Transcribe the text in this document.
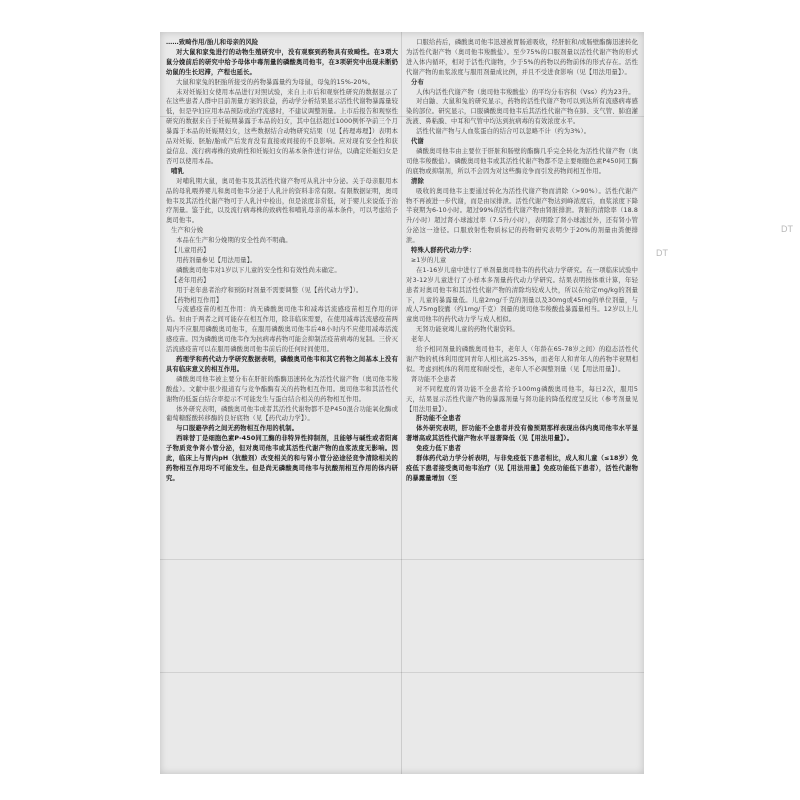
DT
DT

……致畸作用/胎儿和母亲的风险

对大鼠和家兔进行的动物生殖研究中，没有观察到药物具有致畸性。在3项大鼠分娩前后的研究中给予母体中毒剂量的磷酸奥司他韦，在3项研究中出现未断奶幼鼠的生长迟滞，产程也延长。

大鼠和家兔的胚胎所接受的药物暴露量约为母鼠，母兔的15%-20%。

未对妊娠妇女使用本品进行对照试验，来自上市后和观察性研究的数据显示了在这些患者人群中目前剂量方案的获益，药动学分析结果显示活性代谢物暴露量较低，但是孕妇应用本品预防或治疗流感时，不建议调整剂量。上市后报告和观察性研究的数据来自于妊娠期暴露于本品的妇女，其中包括超过1000例怀孕前三个月暴露于本品的妊娠期妇女，这些数据结合动物研究结果（见【药理毒理】）表明本品对妊娠、胚胎/胎成产后发育没有直接或间接的不良影响。应对现有安全性和获益信息、流行病毒株的致病性和妊娠妇女的基本条件进行评估，以确定妊娠妇女是否可以使用本品。

哺乳

对哺乳期大鼠，奥司他韦及其活性代谢产物可从乳汁中分泌。关于母亲服用本品的母乳喂养婴儿和奥司他韦分泌于人乳汁的资料非常有限。有限数据证明，奥司他韦及其活性代谢产物可于人乳汁中检出，但是浓度非常低，对于婴儿来说低于治疗剂量。鉴于此，以及流行病毒株的致病性和哺乳母亲的基本条件，可以考虑给予奥司他韦。

生产和分娩

本品在生产和分娩期的安全性尚不明确。

【儿童用药】

用药剂量参见【用法用量】。

磷酸奥司他韦对1岁以下儿童的安全性和有效性尚未确定。

【老年用药】

用于老年患者治疗和预防时剂量不需要调整（见【药代动力学】）。

【药物相互作用】

与流感疫苗的相互作用：尚无磷酸奥司他韦和减毒活流感疫苗相互作用的评估。但由于两者之间可能存在相互作用，除非临床需要，在使用减毒活流感疫苗两周内不应服用磷酸奥司他韦，在服用磷酸奥司他韦后48小时内不应使用减毒活流感疫苗。因为磷酸奥司他韦作为抗病毒药物可能会抑制活疫苗病毒的复制。三价灭活流感疫苗可以在服用磷酸奥司他韦前后的任何时间使用。

药理学和药代动力学研究数据表明，磷酸奥司他韦和其它药物之间基本上没有具有临床意义的相互作用。

磷酸奥司他韦被主要分布在肝脏的酯酶迅速转化为活性代谢产物（奥司他韦羧酸盐）。文献中很少报道有与竞争酯酶有关的药物相互作用。奥司他韦和其活性代谢物的低蛋白结合率提示不可能发生与蛋白结合相关的药物相互作用。

体外研究表明，磷酸奥司他韦或者其活性代谢物都不是P450混合功能氧化酶或葡萄糖醛酸转移酶的良好底物（见【药代动力学】）。

与口服避孕药之间无药物相互作用的机制。

西咪替丁是细胞色素P-450同工酶的非特异性抑制剂，且能够与碱性或者阳离子物质竞争肾小管分泌，但对奥司他韦或其活性代谢产物的血浆浓度无影响。因此，临床上与胃内pH（抗酸剂）改变相关的和与肾小管分泌途径竞争清除相关的药物相互作用均不可能发生。但是尚无磷酸奥司他韦与抗酸剂相互作用的体内研究。

口服给药后，磷酸奥司他韦迅速被胃肠道吸收，经肝脏和/或肠壁酯酶迅速转化为活性代谢产物（奥司他韦羧酸盐）。至少75%的口服剂量以活性代谢产物的形式进入体内循环，相对于活性代谢物，少于5%的药物以药物前体的形式存在。活性代谢产物的血浆浓度与服用剂量成比例，并且不受进食影响（见【用法用量】）。

分布

人体内活性代谢产物（奥司他韦羧酸盐）的平均分布容积（Vss）约为23升。

对白鼬、大鼠和兔的研究显示，药物的活性代谢产物可以到达所有流感病毒感染的部位。研究显示，口服磷酸奥司他韦后其活性代谢产物在肺、支气管、肺泡灌洗液、鼻粘膜、中耳和气管中均达到抗病毒的有效浓度水平。

活性代谢产物与人血浆蛋白的结合可以忽略不计（约为3%）。

代谢

磷酸奥司他韦由主要位于肝脏和肠壁的酯酶几乎完全转化为活性代谢产物（奥司他韦羧酸盐）。磷酸奥司他韦或其活性代谢产物都不是主要细胞色素P450同工酶的底物或抑制剂，所以不会因为对这些酶竞争而引发药物间相互作用。

清除

吸收的奥司他韦主要通过转化为活性代谢产物而清除（>90%）。活性代谢产物不再被进一步代谢，而是由尿排泄。活性代谢产物达到峰浓度后，血浆浓度下降半衰期为6-10小时。超过99%的活性代谢产物由肾脏排泄。肾脏的清除率（18.8升/小时）超过肾小球滤过率（7.5升/小时），表明除了肾小球滤过外，还有肾小管分泌这一途径。口服放射性物质标记的药物研究表明少于20%的剂量由粪便排泄。

特殊人群药代动力学：

≥1岁的儿童

在1-16岁儿童中进行了单剂量奥司他韦的药代动力学研究。在一项临床试验中对3-12岁儿童进行了小样本多剂量药代动力学研究。结果表明按体重计算，年轻患者对奥司他韦和其活性代谢产物的清除均较成人快，所以在给定mg/kg的剂量下，儿童的暴露量低。儿童2mg/千克的剂量以及30mg或45mg的单位剂量，与成人75mg胶囊（约1mg/千克）剂量的奥司他韦羧酸盐暴露量相当。12岁以上儿童奥司他韦的药代动力学与成人相似。

无肾功能衰竭儿童的药物代谢资料。

老年人

给予相同剂量的磷酸奥司他韦，老年人（年龄在65-78岁之间）的稳态活性代谢产物的机体利用度同青年人相比高25-35%，而老年人和青年人的药物半衰期相似。考虑到机体的利用度和耐受性，老年人不必调整剂量（见【用法用量】）。

肾功能不全患者

对不同程度的肾功能不全患者给予100mg磷酸奥司他韦，每日2次，服用5天，结果显示活性代谢产物的暴露剂量与肾功能的降低程度呈反比（参考剂量见【用法用量】）。

肝功能不全患者

体外研究表明，肝功能不全患者并没有像预期那样表现出体内奥司他韦水平显著增高或其活性代谢产物水平显著降低（见【用法用量】）。

免疫力低下患者

群体药代动力学分析表明，与非免疫低下患者相比，成人和儿童（≤18岁）免疫低下患者接受奥司他韦治疗（见【用法用量】免疫功能低下患者），活性代谢物的暴露量增加（至
